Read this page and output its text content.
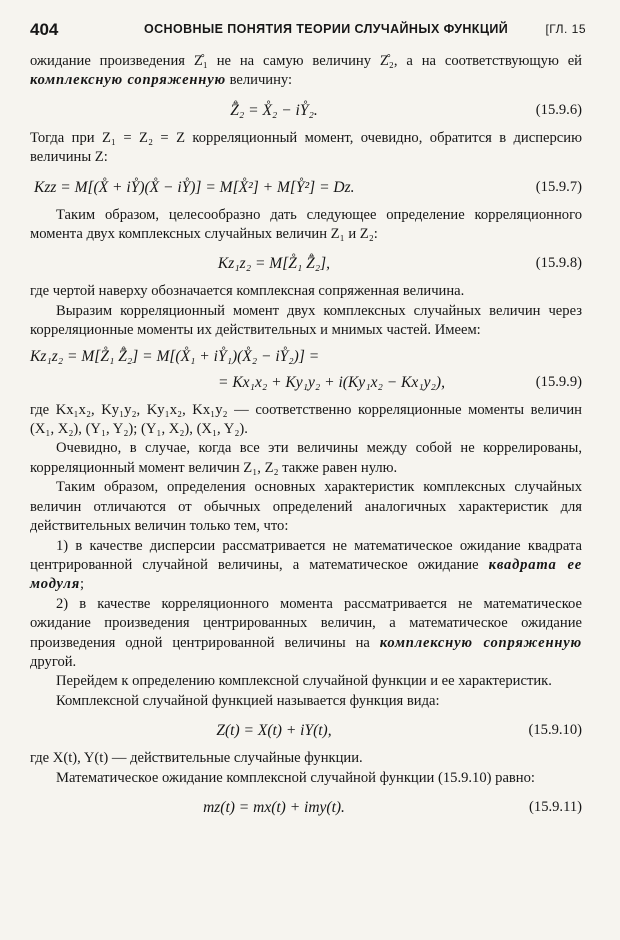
404	ОСНОВНЫЕ ПОНЯТИЯ ТЕОРИИ СЛУЧАЙНЫХ ФУНКЦИЙ	[ГЛ. 15

ожидание произведения Z̊₁ не на самую величину Z̊₂, а на соответствующую ей комплексную сопряженную величину:

Z̊̄₂ = X̊₂ − iY̊₂.	(15.9.6)

Тогда при Z₁ = Z₂ = Z корреляционный момент, очевидно, обратится в дисперсию величины Z:

Kzz = M[(X̊ + iY̊)(X̊ − iY̊)] = M[X̊²] + M[Y̊²] = Dz.	(15.9.7)

Таким образом, целесообразно дать следующее определение корреляционного момента двух комплексных случайных величин Z₁ и Z₂:

Kz₁z₂ = M[Z̊₁ Z̊̄₂],	(15.9.8)

где чертой наверху обозначается комплексная сопряженная величина.

Выразим корреляционный момент двух комплексных случайных величин через корреляционные моменты их действительных и мнимых частей. Имеем:

Kz₁z₂ = M[Z̊₁ Z̊̄₂] = M[(X̊₁ + iY̊₁)(X̊₂ − iY̊₂)] =
= Kx₁x₂ + Ky₁y₂ + i(Ky₁x₂ − Kx₁y₂),	(15.9.9)

где Kx₁x₂, Ky₁y₂, Ky₁x₂, Kx₁y₂ — соответственно корреляционные моменты величин (X₁, X₂), (Y₁, Y₂); (Y₁, X₂), (X₁, Y₂).

Очевидно, в случае, когда все эти величины между собой не коррелированы, корреляционный момент величин Z₁, Z₂ также равен нулю.

Таким образом, определения основных характеристик комплексных случайных величин отличаются от обычных определений аналогичных характеристик для действительных величин только тем, что:

1) в качестве дисперсии рассматривается не математическое ожидание квадрата центрированной случайной величины, а математическое ожидание квадрата ее модуля;

2) в качестве корреляционного момента рассматривается не математическое ожидание произведения центрированных величин, а математическое ожидание произведения одной центрированной величины на комплексную сопряженную другой.

Перейдем к определению комплексной случайной функции и ее характеристик.

Комплексной случайной функцией называется функция вида:

Z(t) = X(t) + iY(t),	(15.9.10)

где X(t), Y(t) — действительные случайные функции.

Математическое ожидание комплексной случайной функции (15.9.10) равно:

mz(t) = mx(t) + imy(t).	(15.9.11)
